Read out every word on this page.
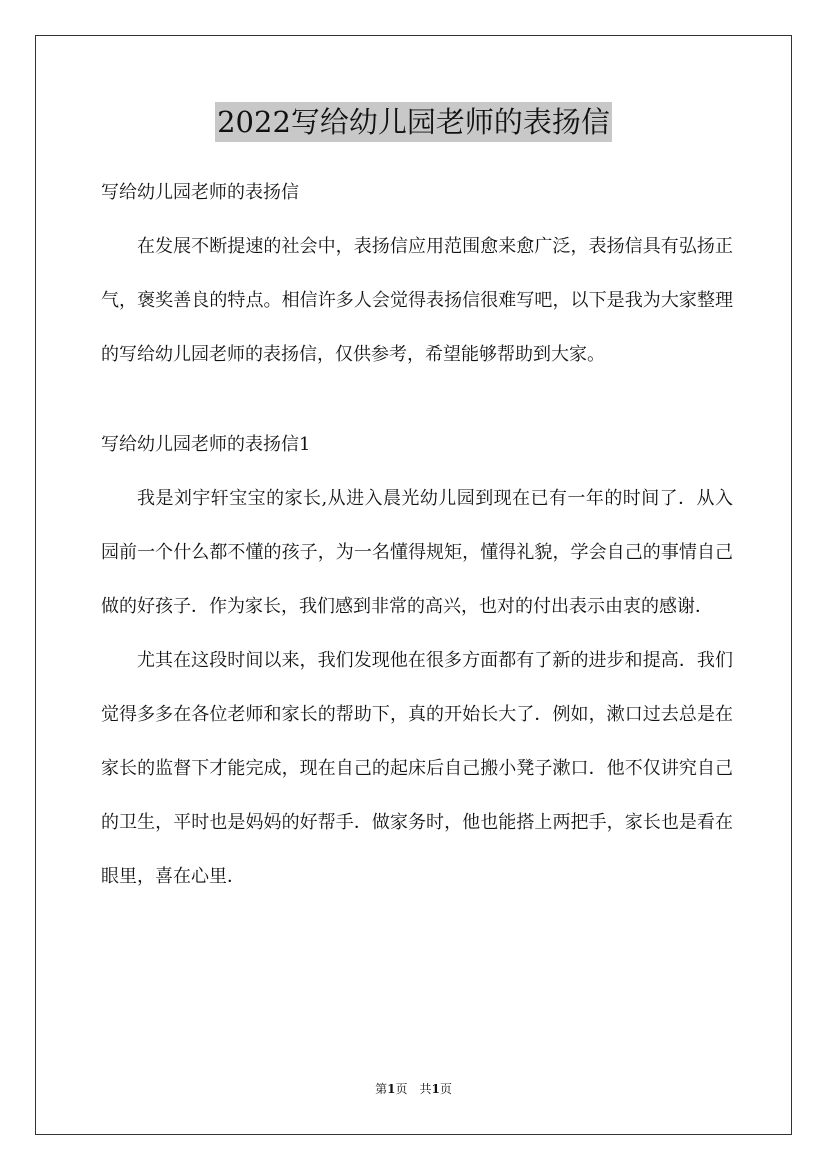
2022写给幼儿园老师的表扬信

写给幼儿园老师的表扬信

在发展不断提速的社会中，表扬信应用范围愈来愈广泛，表扬信具有弘扬正气，褒奖善良的特点。相信许多人会觉得表扬信很难写吧，以下是我为大家整理的写给幼儿园老师的表扬信，仅供参考，希望能够帮助到大家。

写给幼儿园老师的表扬信1

我是刘宇轩宝宝的家长,从进入晨光幼儿园到现在已有一年的时间了．从入园前一个什么都不懂的孩子，为一名懂得规矩，懂得礼貌，学会自己的事情自己做的好孩子．作为家长，我们感到非常的高兴，也对的付出表示由衷的感谢．

尤其在这段时间以来，我们发现他在很多方面都有了新的进步和提高．我们觉得多多在各位老师和家长的帮助下，真的开始长大了．例如，漱口过去总是在家长的监督下才能完成，现在自己的起床后自己搬小凳子漱口．他不仅讲究自己的卫生，平时也是妈妈的好帮手．做家务时，他也能搭上两把手，家长也是看在眼里，喜在心里．

第1页　共1页
